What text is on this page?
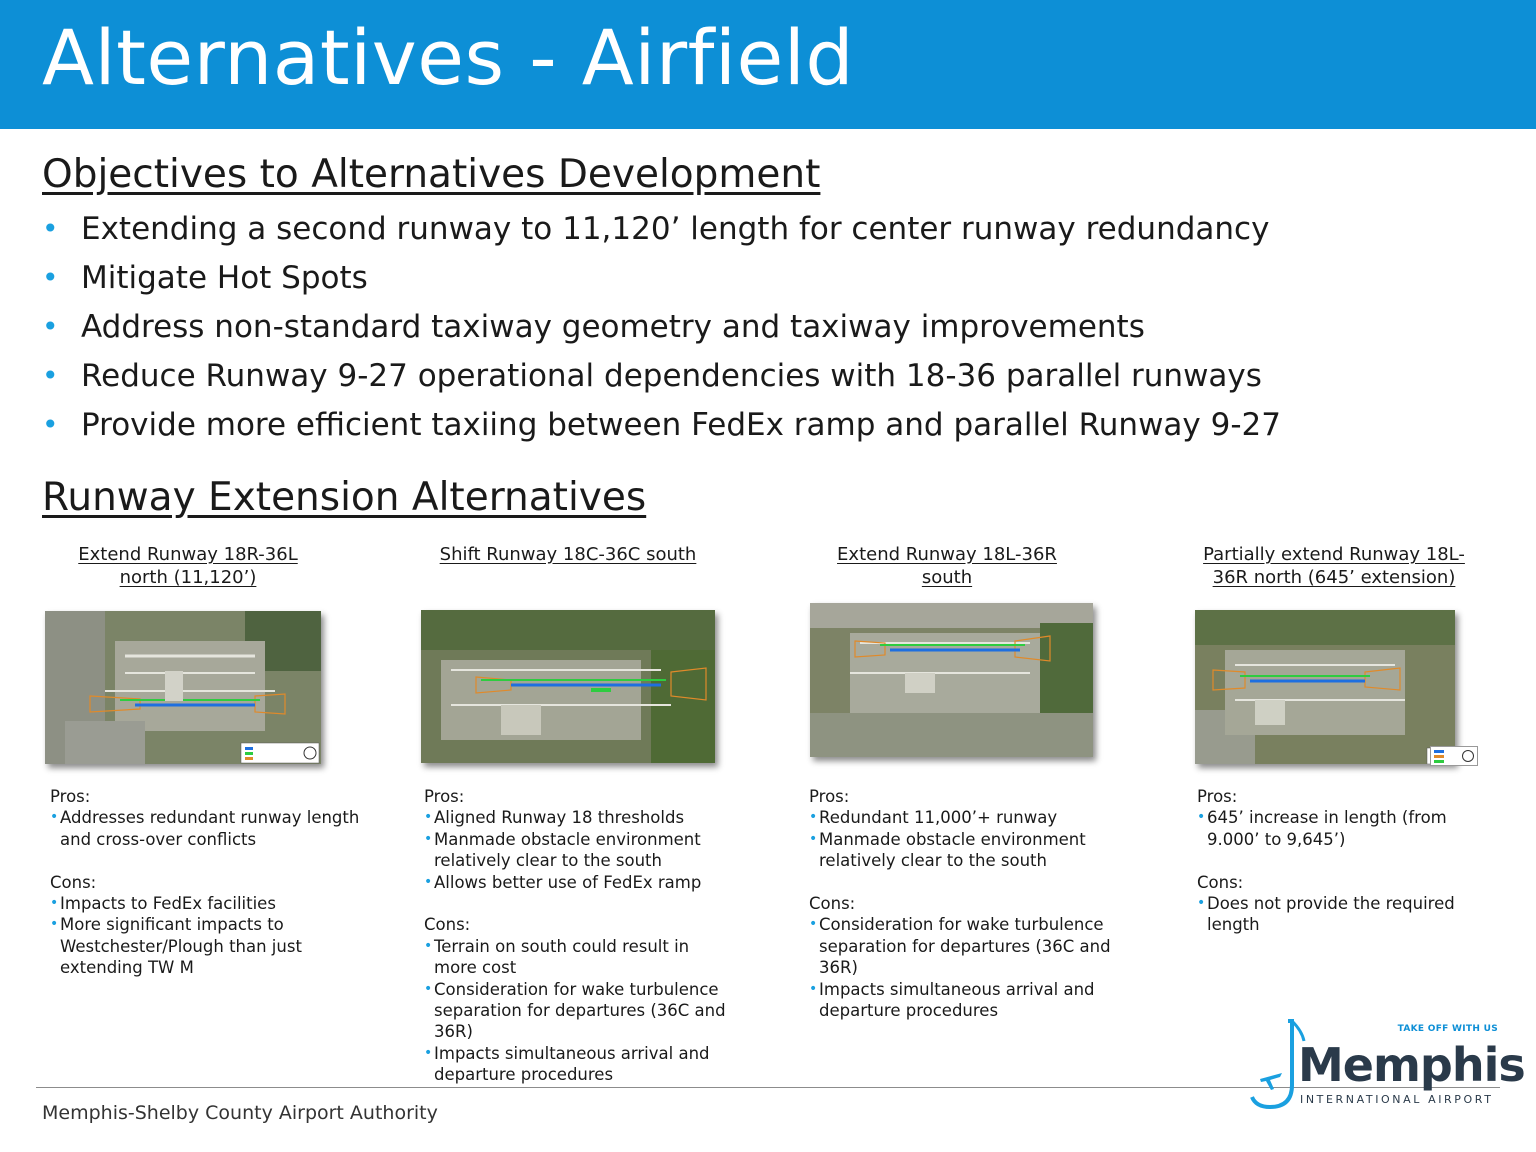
Alternatives - Airfield
Objectives to Alternatives Development
• Extending a second runway to 11,120’ length for center runway redundancy
• Mitigate Hot Spots
• Address non-standard taxiway geometry and taxiway improvements
• Reduce Runway 9-27 operational dependencies with 18-36 parallel runways
• Provide more efficient taxiing between FedEx ramp and parallel Runway 9-27
Runway Extension Alternatives
Extend Runway 18R-36L
north (11,120’)
Shift Runway 18C-36C south	Extend Runway 18L-36R
south
Partially extend Runway 18L-
36R north (645’ extension)
Pros:
• Addresses redundant runway length and cross-over conflicts
Cons:
• Impacts to FedEx facilities
• More significant impacts to Westchester/Plough than just extending TW M
Pros:
• Aligned Runway 18 thresholds
• Manmade obstacle environment relatively clear to the south
• Allows better use of FedEx ramp
Cons:
• Terrain on south could result in more cost
• Consideration for wake turbulence separation for departures (36C and 36R)
• Impacts simultaneous arrival and departure procedures
Pros:
• Redundant 11,000’+ runway
• Manmade obstacle environment relatively clear to the south
Cons:
• Consideration for wake turbulence separation for departures (36C and 36R)
• Impacts simultaneous arrival and departure procedures
Pros:
• 645’ increase in length (from 9.000’ to 9,645’)
Cons:
• Does not provide the required length
Memphis-Shelby County Airport Authority
TAKE OFF WITH US
Memphis
INTERNATIONAL AIRPORT
